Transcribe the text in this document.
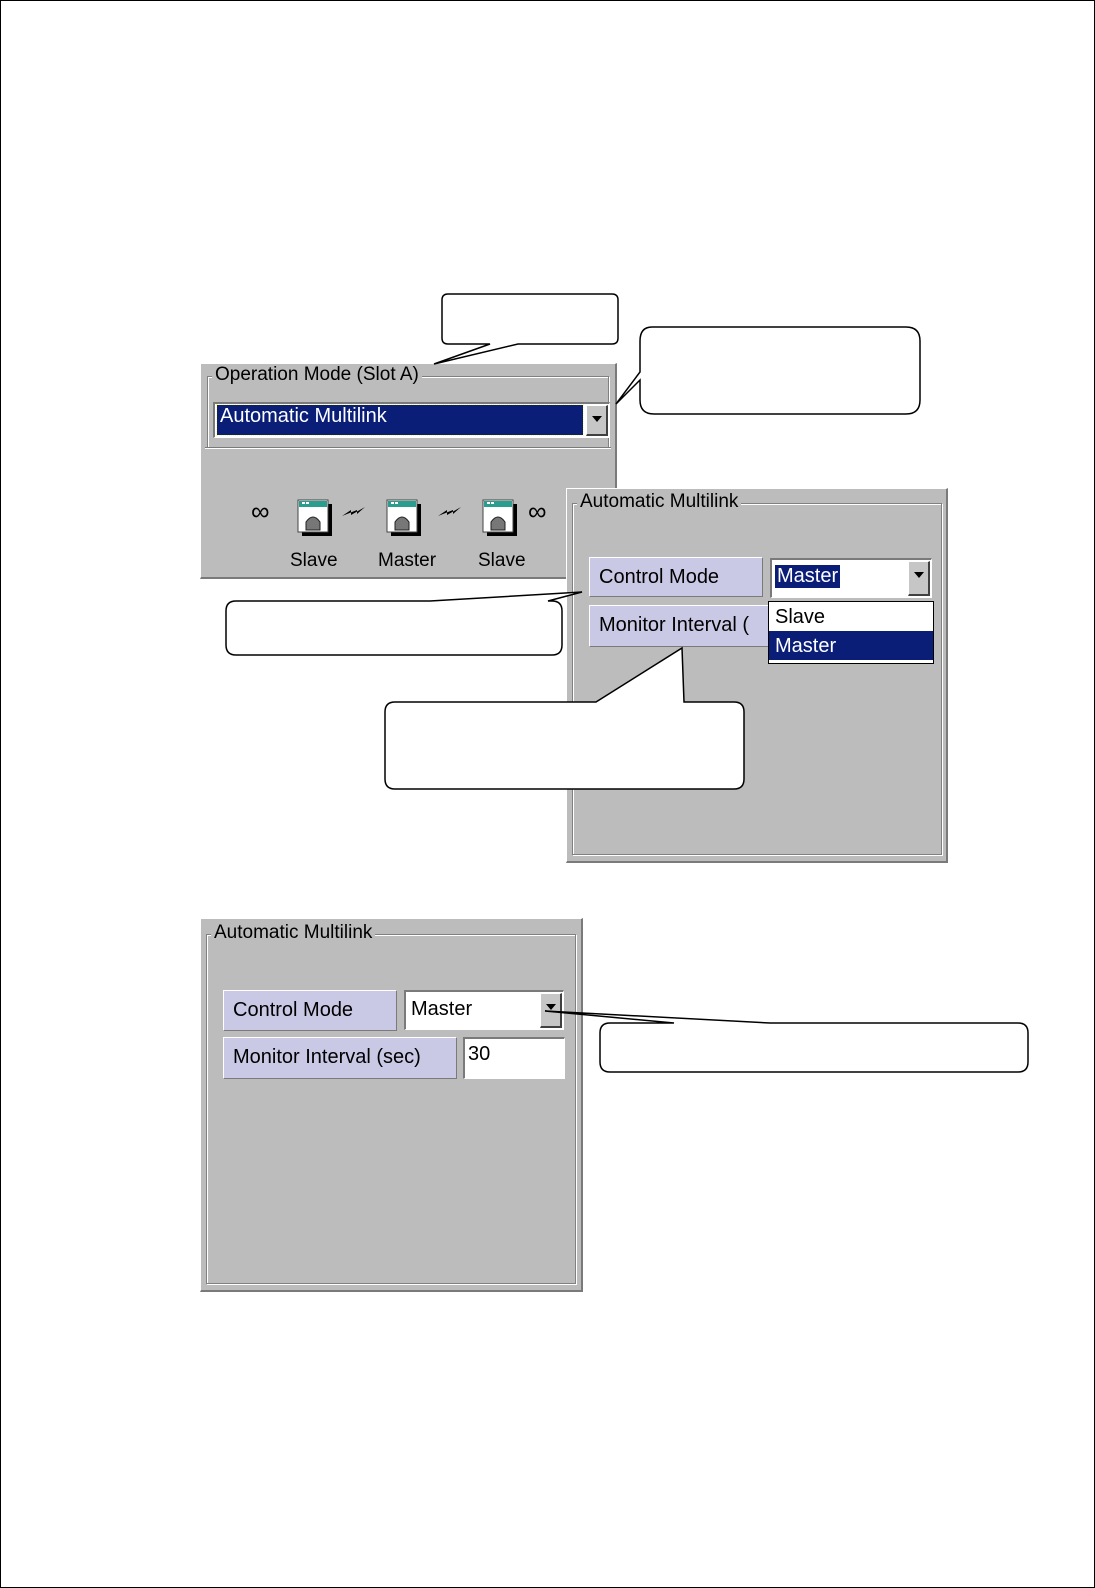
Operation Mode (Slot A)
Automatic Multilink
∞	∞
Slave Master Slave
Automatic Multilink
Control Mode	Master
Monitor Interval (	Slave
Master
Automatic Multilink
Control Mode	Master
Monitor Interval (sec)	30
